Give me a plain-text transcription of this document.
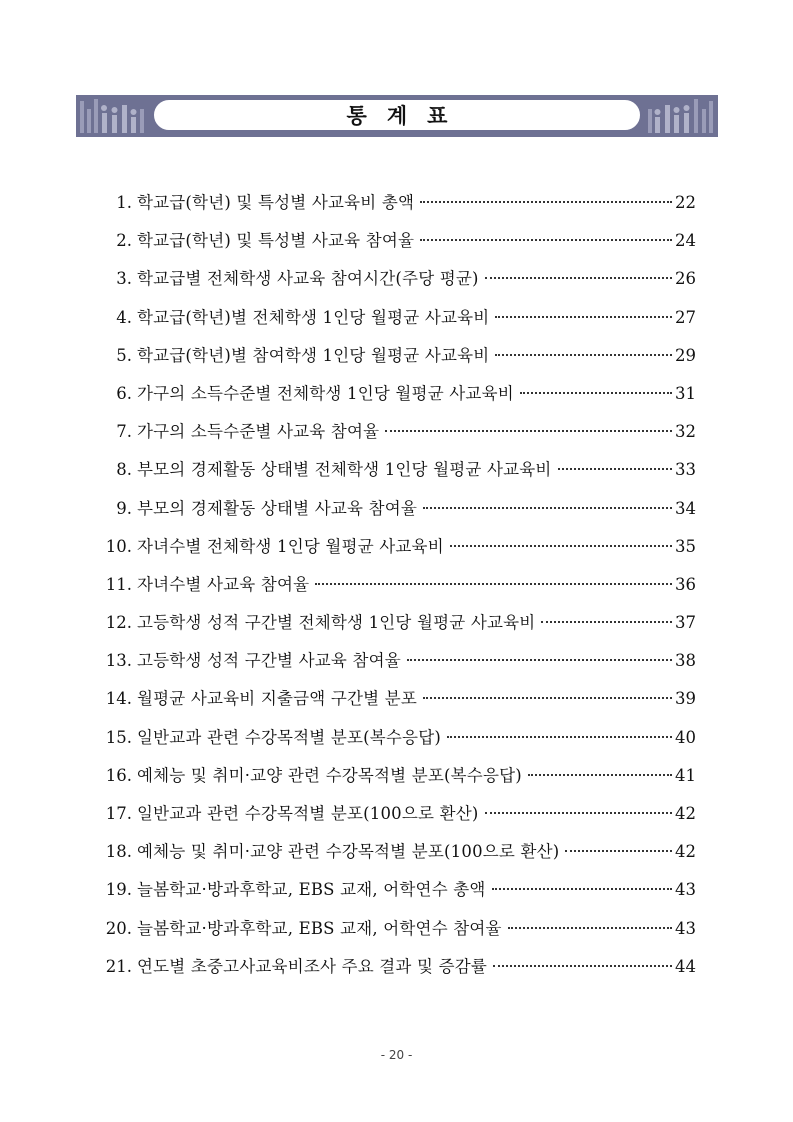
통 계 표
1. 학교급(학년) 및 특성별 사교육비 총액	22
2. 학교급(학년) 및 특성별 사교육 참여율	24
3. 학교급별 전체학생 사교육 참여시간(주당 평균)	26
4. 학교급(학년)별 전체학생 1인당 월평균 사교육비	27
5. 학교급(학년)별 참여학생 1인당 월평균 사교육비	29
6. 가구의 소득수준별 전체학생 1인당 월평균 사교육비	31
7. 가구의 소득수준별 사교육 참여율	32
8. 부모의 경제활동 상태별 전체학생 1인당 월평균 사교육비	33
9. 부모의 경제활동 상태별 사교육 참여율	34
10. 자녀수별 전체학생 1인당 월평균 사교육비	35
11. 자녀수별 사교육 참여율	36
12. 고등학생 성적 구간별 전체학생 1인당 월평균 사교육비	37
13. 고등학생 성적 구간별 사교육 참여율	38
14. 월평균 사교육비 지출금액 구간별 분포	39
15. 일반교과 관련 수강목적별 분포(복수응답)	40
16. 예체능 및 취미·교양 관련 수강목적별 분포(복수응답)	41
17. 일반교과 관련 수강목적별 분포(100으로 환산)	42
18. 예체능 및 취미·교양 관련 수강목적별 분포(100으로 환산)	42
19. 늘봄학교·방과후학교, EBS 교재, 어학연수 총액	43
20. 늘봄학교·방과후학교, EBS 교재, 어학연수 참여율	43
21. 연도별 초중고사교육비조사 주요 결과 및 증감률	44
- 20 -
